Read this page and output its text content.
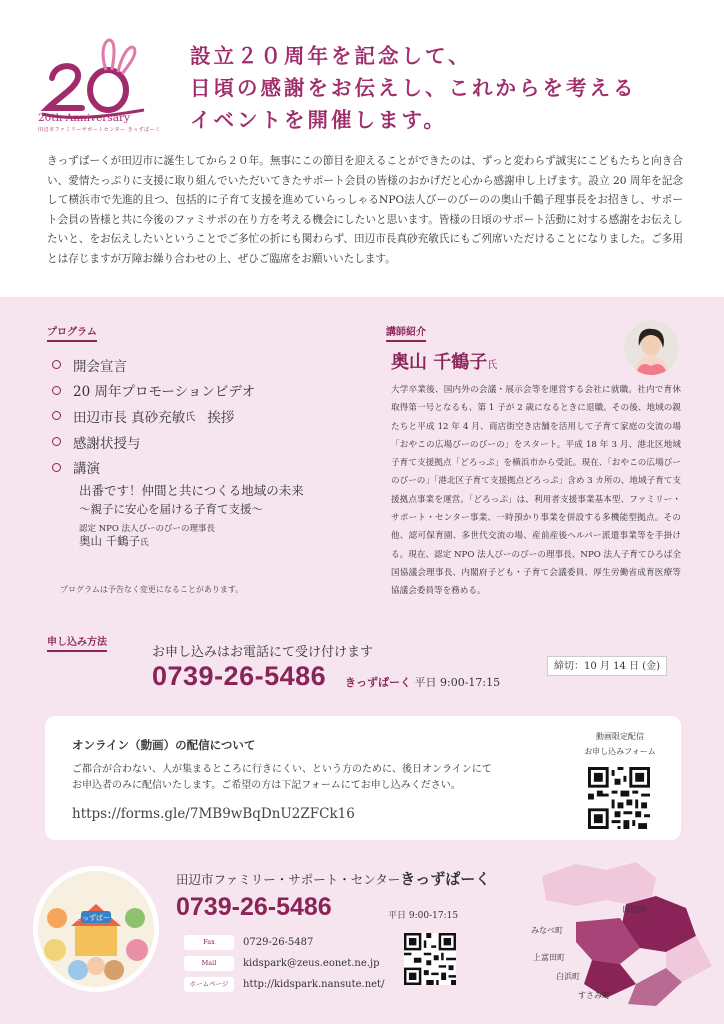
20th Anniversary
田辺市ファミリーサポートセンター きっずぱーく
設立２０周年を記念して、
日頃の感謝をお伝えし、これからを考える
イベントを開催します。

きっずぱーくが田辺市に誕生してから２０年。無事にこの節目を迎えることができたのは、ずっと変わらず誠実にこどもたちと向き合い、愛情たっぷりに支援に取り組んでいただいてきたサポート会員の皆様のおかげだと心から感謝申し上げます。設立 20 周年を記念して横浜市で先進的且つ、包括的に子育て支援を進めていらっしゃるNPO法人びーのびーのの奥山千鶴子理事長をお招きし、サポート会員の皆様と共に今後のファミサポの在り方を考える機会にしたいと思います。皆様の日頃のサポート活動に対する感謝をお伝えしたいと、をお伝えしたいということでご多忙の折にも関わらず、田辺市長真砂充敏氏にもご列席いただけることになりました。ご多用とは存じますが万障お繰り合わせの上、ぜひご臨席をお願いいたします。

プログラム
開会宣言
20 周年プロモーションビデオ
田辺市長 真砂充敏 氏 挨拶
感謝状授与
講演
出番です！仲間と共につくる地域の未来
〜親子に安心を届ける子育て支援〜
認定 NPO 法人びーのびーの理事長
奥山 千鶴子氏
プログラムは予告なく変更になることがあります。
講師紹介
奥山 千鶴子氏

大学卒業後、国内外の会議・展示会等を運営する会社に就職。社内で育休取得第一号となるも、第 1 子が 2 歳になるときに退職。その後、地域の親たちと平成 12 年 4 月、商店街空き店舗を活用して子育て家庭の交流の場「おやこの広場びーのびーの」をスタート。平成 18 年 3 月、港北区地域子育て支援拠点「どろっぷ」を横浜市から受託。現在、「おやこの広場びーのびーの」「港北区子育て支援拠点どろっぷ」含め 3 カ所の、地域子育て支援拠点事業を運営。「どろっぷ」は、利用者支援事業基本型、ファミリー・サポート・センター事業、一時預かり事業を併設する多機能型拠点。その他、認可保育園、多世代交流の場、産前産後ヘルパー派遣事業等を手掛ける。現在、認定 NPO 法人びーのびーの理事長、NPO 法人子育てひろば全国協議会理事長、内閣府子ども・子育て会議委員、厚生労働省成育医療等協議会委員等を務める。

申し込み方法
お申し込みはお電話にて受け付けます
0739-26-5486 きっずぱーく 平日 9:00-17:15
締切：10 月 14 日 (金)
オンライン（動画）の配信について
ご都合が合わない、人が集まるところに行きにくい、という方のために、後日オンラインにて
お申込者のみに配信いたします。ご希望の方は下記フォームにてお申し込みください。
https://forms.gle/7MB9wBqDnU2ZFCk16
動画限定配信
お申し込みフォーム
きっずぱーく
田辺市ファミリー・サポート・センターきっずぱーく
0739-26-5486	平日 9:00-17:15
Fax	0729-26-5487
Mail	kidspark@zeus.eonet.ne.jp
ホームページ	http://kidspark.nansute.net/
田辺市
みなべ町
上富田町
白浜町
すさみ町
